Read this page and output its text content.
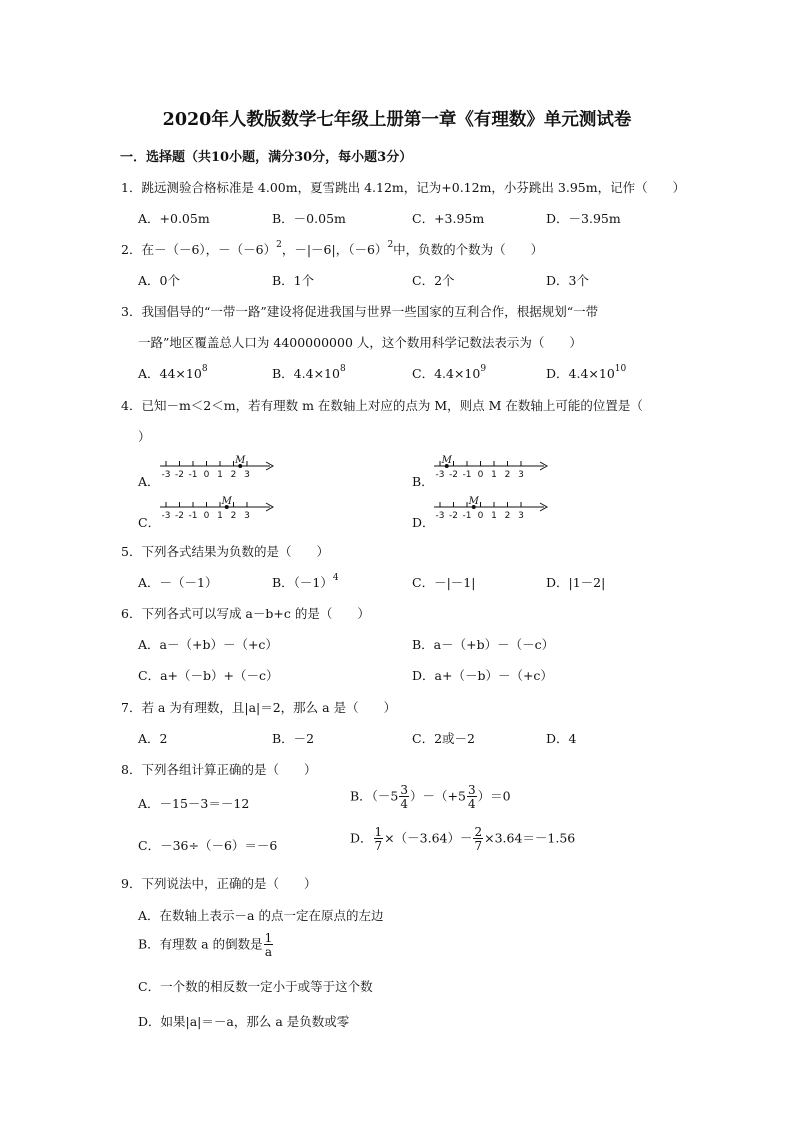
2020年人教版数学七年级上册第一章《有理数》单元测试卷
一．选择题（共10小题，满分30分，每小题3分）
1．跳远测验合格标准是 4.00m，夏雪跳出 4.12m，记为+0.12m，小芬跳出 3.95m，记作（　　）
A．+0.05m	B．－0.05m	C．+3.95m	D．－3.95m
2．在－（－6），$-(-6)^2$，－|－6|，$(-6)^2$中，负数的个数为（　　）
A．0个	B．1个	C．2个	D．3个
3．我国倡导的“一带一路”建设将促进我国与世界一些国家的互利合作，根据规划“一带
一路”地区覆盖总人口为 4400000000 人，这个数用科学记数法表示为（　　）
A．$44\times 10^8$	B．$4.4\times 10^8$	C．$4.4\times 10^9$	D．$4.4\times 10^{10}$
4．已知－m＜2＜m，若有理数 m 在数轴上对应的点为 M，则点 M 在数轴上可能的位置是（
）
A． -3 -2 -1 0 1 2 3
M
B． -3 -2 -1 0 1 2 3
M
C． -3 -2 -1 0 1 2 3
M
D． -3 -2 -1 0 1 2 3
M
5．下列各式结果为负数的是（　　）
A．－（－1）	B．$(-1)^4$	C．－|－1|	D．|1－2|
6．下列各式可以写成 a－b+c 的是（　　）
A．a－（+b）－（+c）	B．a－（+b）－（－c）
C．a+（－b）+（－c）	D．a+（－b）－（+c）
7．若 a 为有理数，且|a|＝2，那么 a 是（　　）
A．2	B．－2	C．2或－2	D．4
8．下列各组计算正确的是（　　）
A．－15－3＝－12	B．$(-5 \frac{3}{4} )-(+5 \frac{3}{4} )=0$
C．－36÷（－6）＝－6	D． $\frac{1}{7} \times(-3.64)- \frac{2}{7} \times 3.64=-1.56$
9．下列说法中，正确的是（　　）
A．在数轴上表示－a 的点一定在原点的左边
B．有理数 a 的倒数是 $\frac{1}{a}$
C．一个数的相反数一定小于或等于这个数
D．如果|a|＝－a，那么 a 是负数或零
